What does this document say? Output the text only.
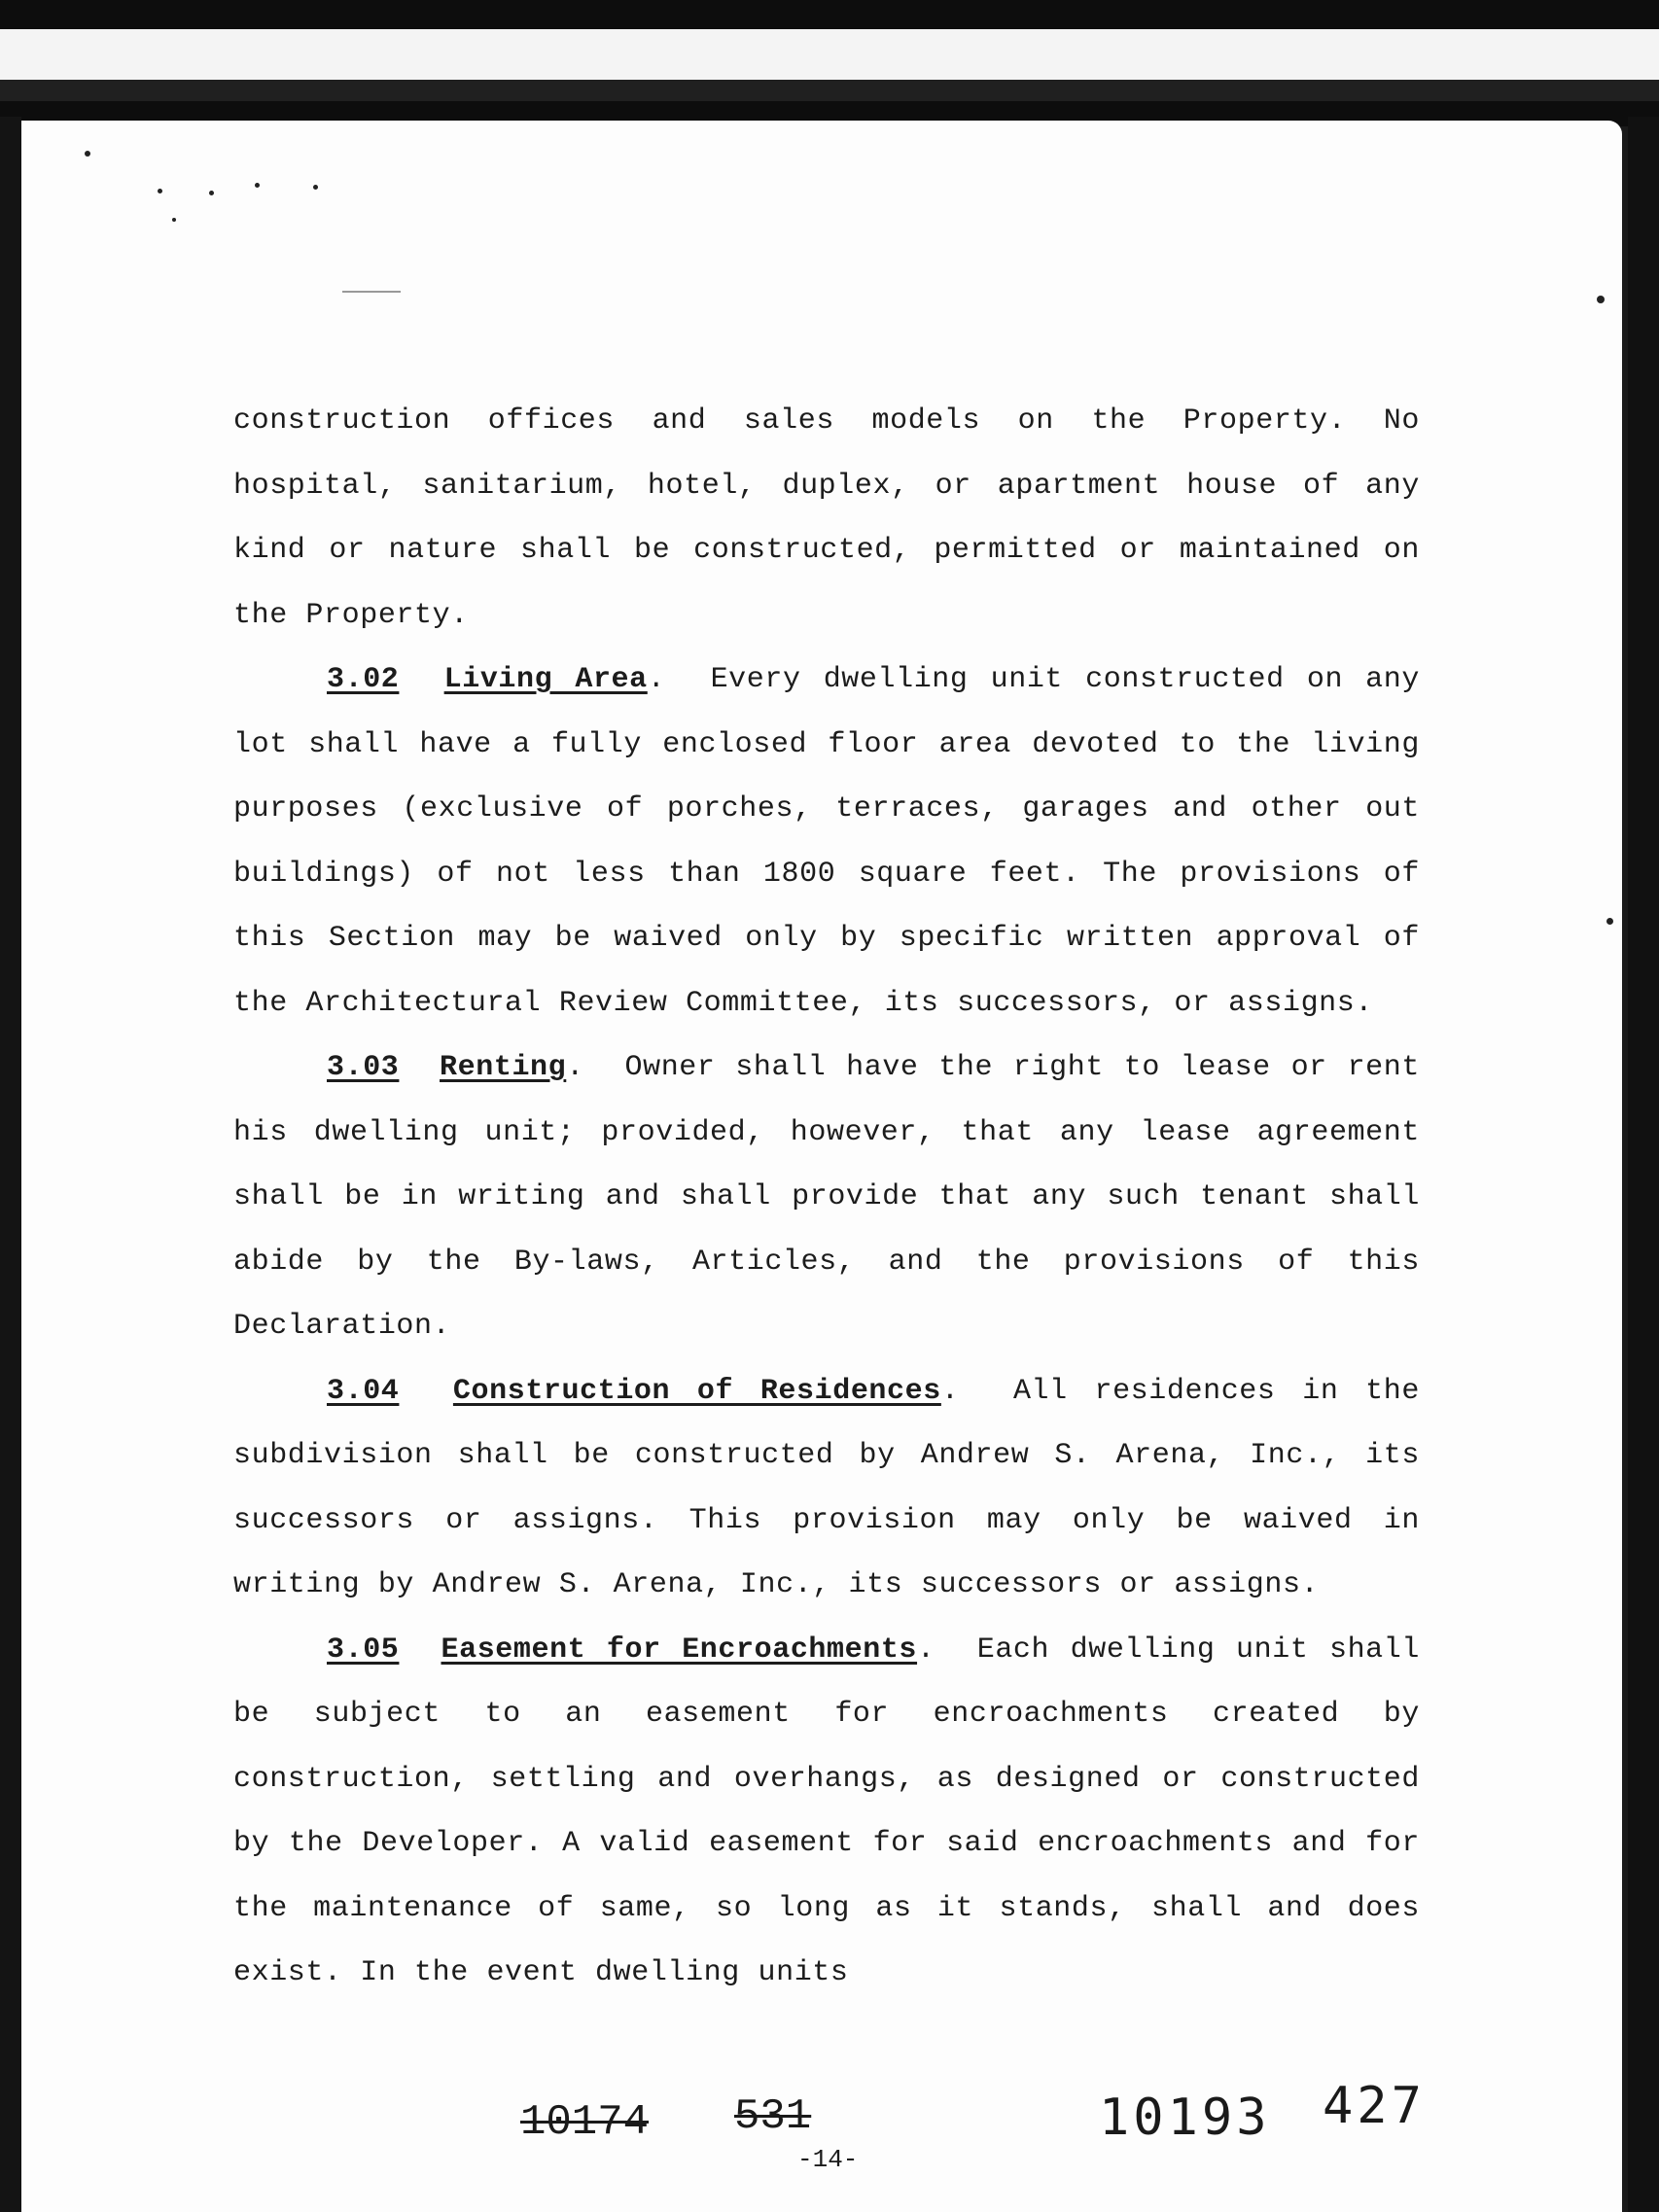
construction offices and sales models on the Property. No hospital, sanitarium, hotel, duplex, or apartment house of any kind or nature shall be constructed, permitted or maintained on the Property.

3.02 Living Area.  Every dwelling unit constructed on any lot shall have a fully enclosed floor area devoted to the living purposes (exclusive of porches, terraces, garages and other out buildings) of not less than 1800 square feet. The provisions of this Section may be waived only by specific written approval of the Architectural Review Committee, its successors, or assigns.

3.03 Renting.  Owner shall have the right to lease or rent his dwelling unit; provided, however, that any lease agreement shall be in writing and shall provide that any such tenant shall abide by the By-laws, Articles, and the provisions of this Declaration.

3.04 Construction of Residences.  All residences in the subdivision shall be constructed by Andrew S. Arena, Inc., its successors or assigns. This provision may only be waived in writing by Andrew S. Arena, Inc., its successors or assigns.

3.05 Easement for Encroachments.  Each dwelling unit shall be subject to an easement for encroachments created by construction, settling and overhangs, as designed or constructed by the Developer. A valid easement for said encroachments and for the maintenance of same, so long as it stands, shall and does exist. In the event dwelling units

10174 531	10193 427
-14-
